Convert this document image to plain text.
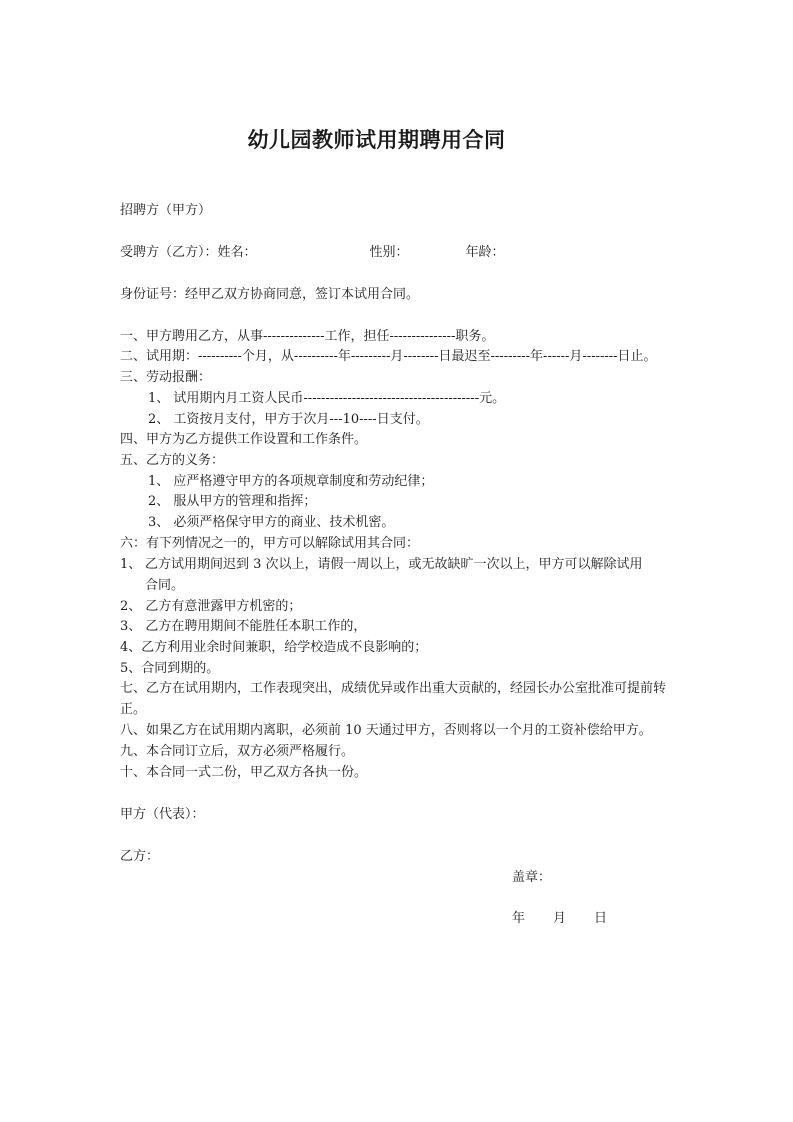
幼儿园教师试用期聘用合同
招聘方（甲方）
受聘方（乙方）：姓名：	性别：	年龄：
身份证号：经甲乙双方协商同意，签订本试用合同。
一、甲方聘用乙方，从事--------------工作，担任---------------职务。
二、试用期：----------个月，从----------年---------月--------日最迟至---------年------月--------日止。
三、劳动报酬：
1、 试用期内月工资人民币----------------------------------------元。
2、 工资按月支付，甲方于次月---10----日支付。
四、甲方为乙方提供工作设置和工作条件。
五、乙方的义务：
1、 应严格遵守甲方的各项规章制度和劳动纪律；
2、 服从甲方的管理和指挥；
3、 必须严格保守甲方的商业、技术机密。
六：有下列情况之一的，甲方可以解除试用其合同：
1、 乙方试用期间迟到 3 次以上，请假一周以上，或无故缺旷一次以上，甲方可以解除试用
合同。
2、 乙方有意泄露甲方机密的；
3、 乙方在聘用期间不能胜任本职工作的，
4、乙方利用业余时间兼职，给学校造成不良影响的；
5、合同到期的。
七、乙方在试用期内，工作表现突出，成绩优异或作出重大贡献的，经园长办公室批准可提前转正。
八、如果乙方在试用期内离职，必须前 10 天通过甲方，否则将以一个月的工资补偿给甲方。
九、本合同订立后，双方必须严格履行。
十、本合同一式二份，甲乙双方各执一份。
甲方（代表）：
乙方：
盖章：
年 月 日
